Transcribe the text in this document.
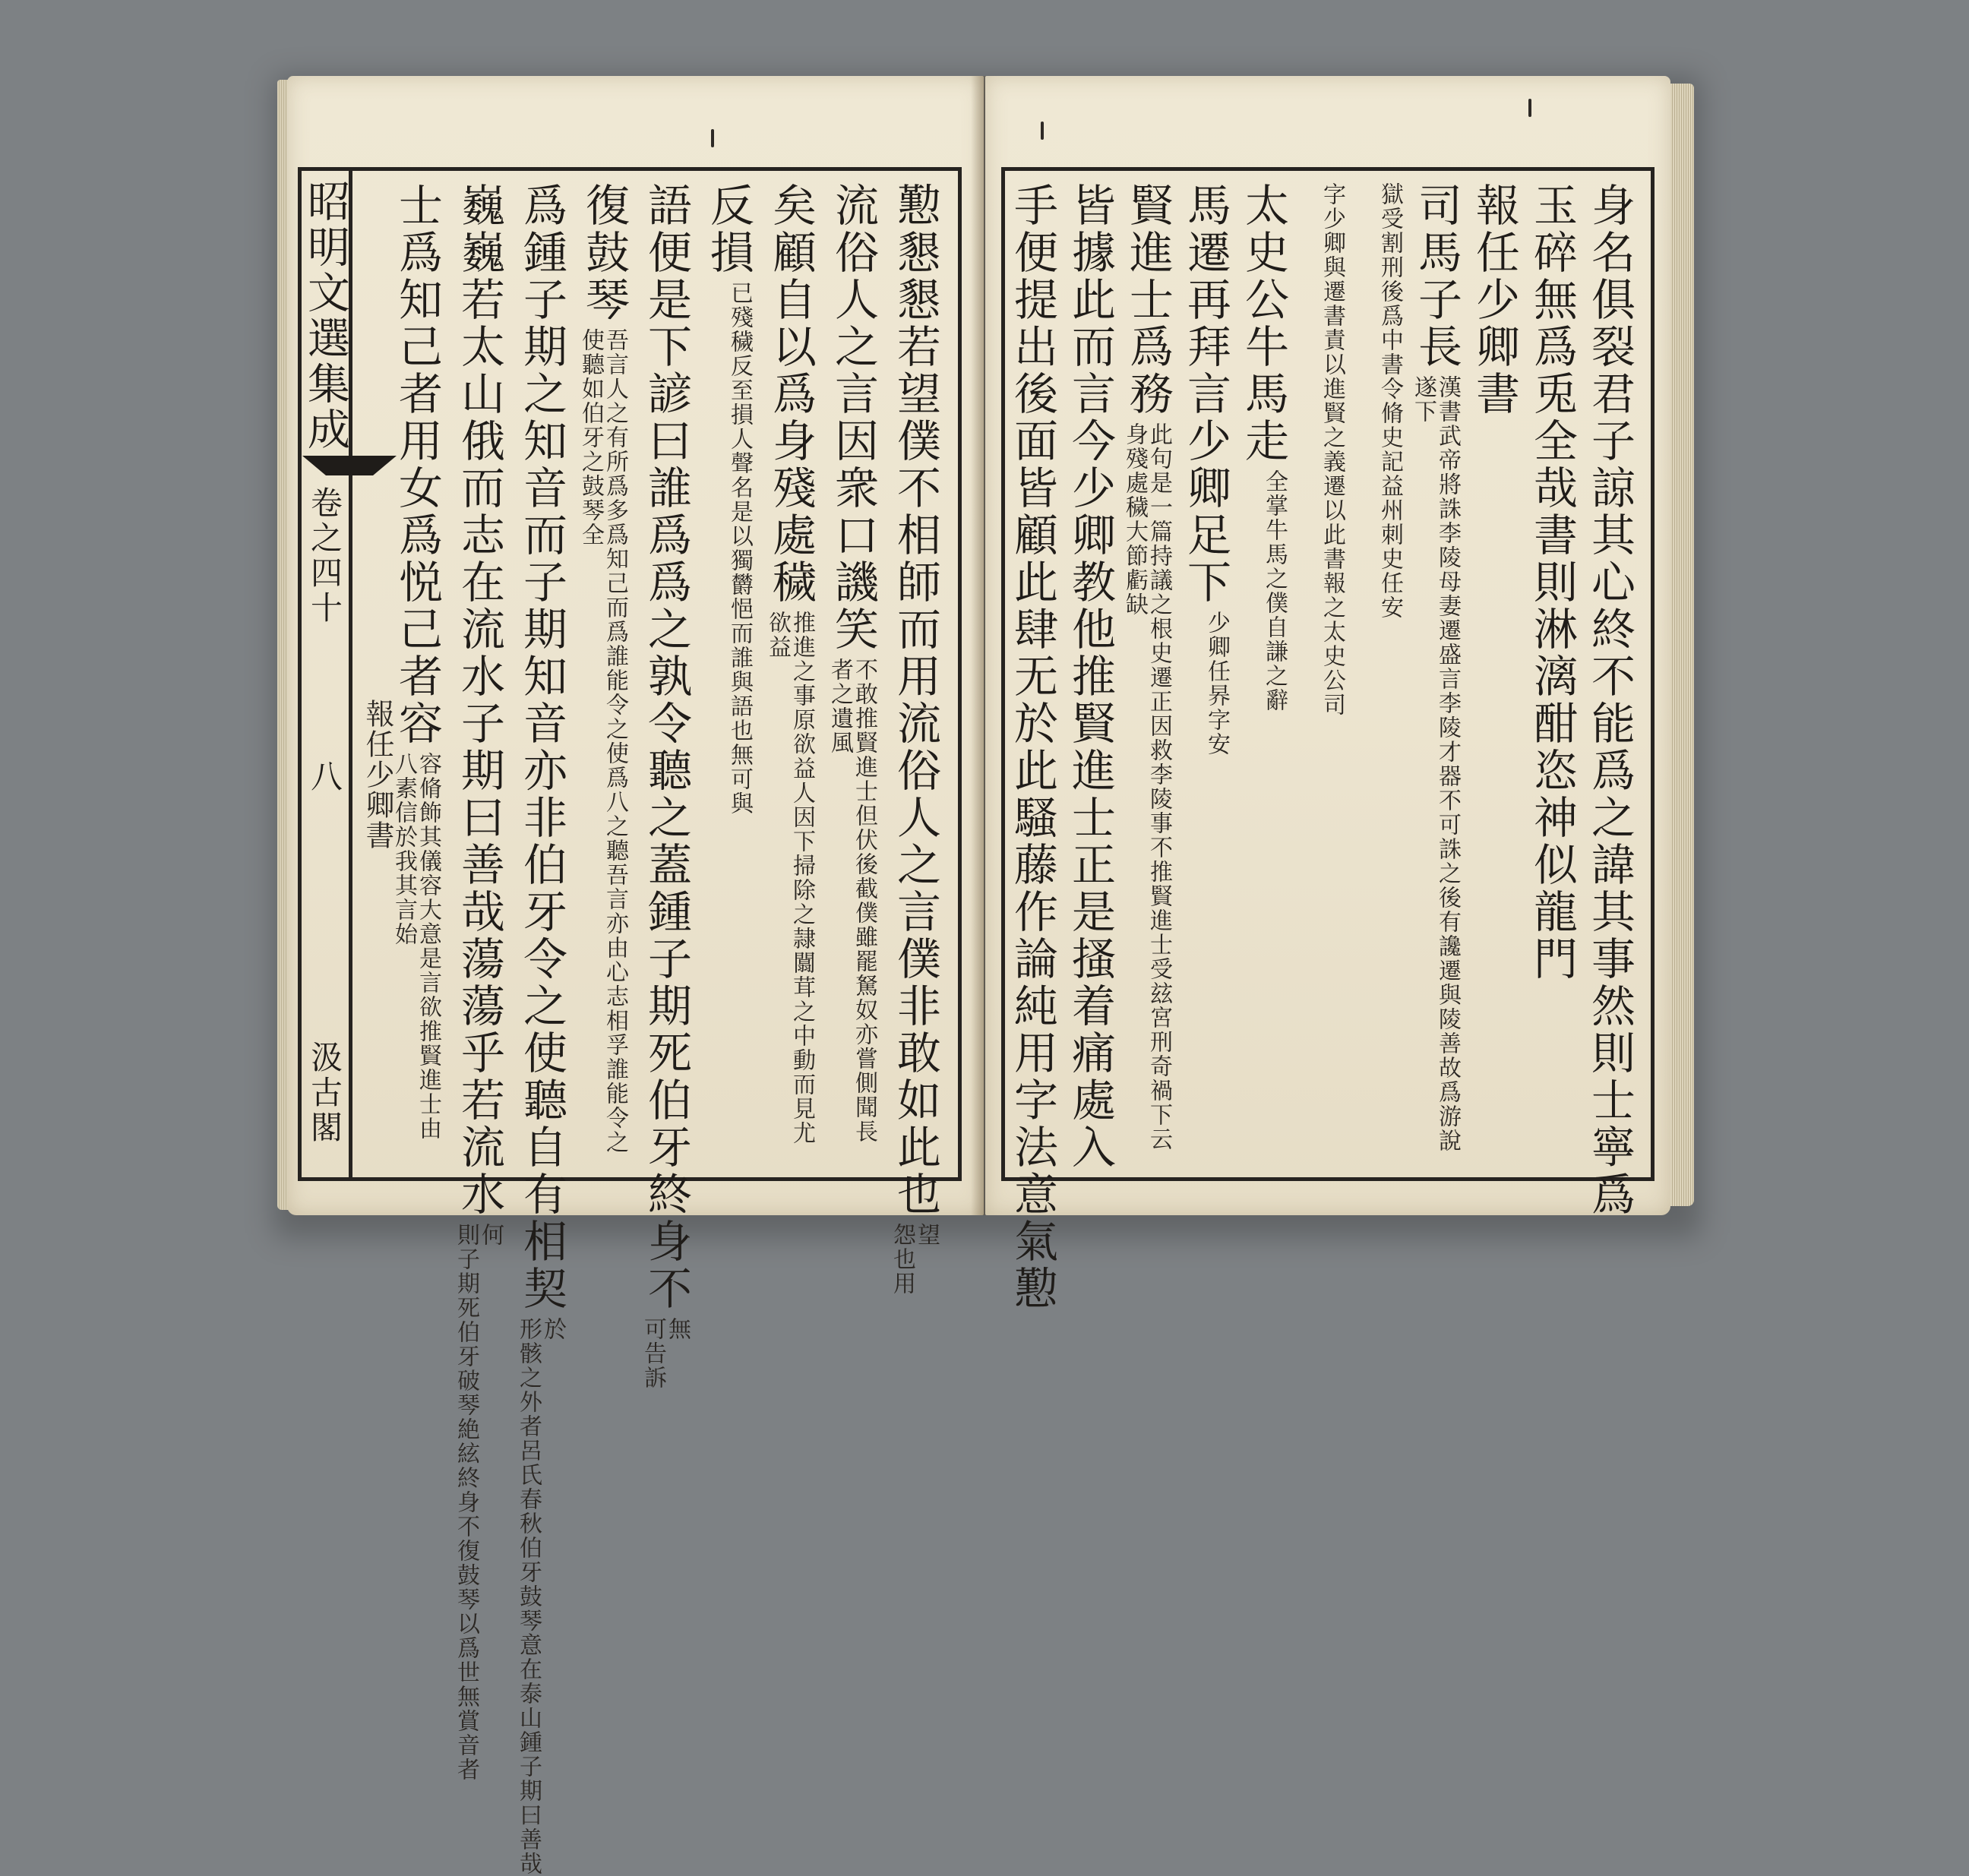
昭明文選集成
卷之四十
八
汲古閣
報任少卿書
士爲知己者用女爲悦己者容
容脩飾其儀容大意是言欲推賢進士由
八素信於我其言始 巍巍若太山俄而志在流水子期曰善哉蕩蕩乎若流水
何
則子期死伯牙破琴絶絃終身不復鼓琴以爲世無賞音者
爲鍾子期之知音而子期知音亦非伯牙令之使聽自有相契
於
形骸之外者呂氏春秋伯牙鼓琴意在泰山鍾子期曰善哉
復鼓琴
吾言人之有所爲多爲知己而爲誰能令之使爲八之聽吾言亦由心志相孚誰能令之
使聽如伯牙之鼓琴全 語便是下諺曰誰爲爲之孰令聽之蓋鍾子期死伯牙終身不
無
可告訴
反損
已殘穢反至損人聲名是以獨欝悒而誰與語也無可與 矣顧自以爲身殘處穢
推進之事原欲益人因下掃除之隷闒茸之中動而見尤
欲益 流俗人之言因衆口譏笑
不敢推賢進士但伏後截僕雖罷駑奴亦嘗側聞長
者之遺風 懃懇懇若望僕不相師而用流俗人之言僕非敢如此也
望
怨也用 手便提出後面皆顧此肆无於此騷藤作論純用字法意氣懃 皆據此而言今少卿教他推賢進士正是搔着痛處入 賢進士爲務
此句是一篇持議之根史遷正因救李陵事不推賢進士受玆宮刑奇禍下云
身殘處穢大節虧缺 馬遷再拜言少卿足下
少卿任昦字安
太史公牛馬走
全掌牛馬之僕自謙之辭 字少卿與遷書責以進賢之義遷以此書報之太史公司 獄受割刑後爲中書令脩史記益州刺史任安 司馬子長
漢書武帝將誅李陵母妻遷盛言李陵才器不可誅之後有讒遷與陵善故爲游說
遂下 報任少卿書 玉碎無爲兎全哉書則淋漓酣恣神似龍門 身名俱裂君子諒其心終不能爲之諱其事然則士寧爲
